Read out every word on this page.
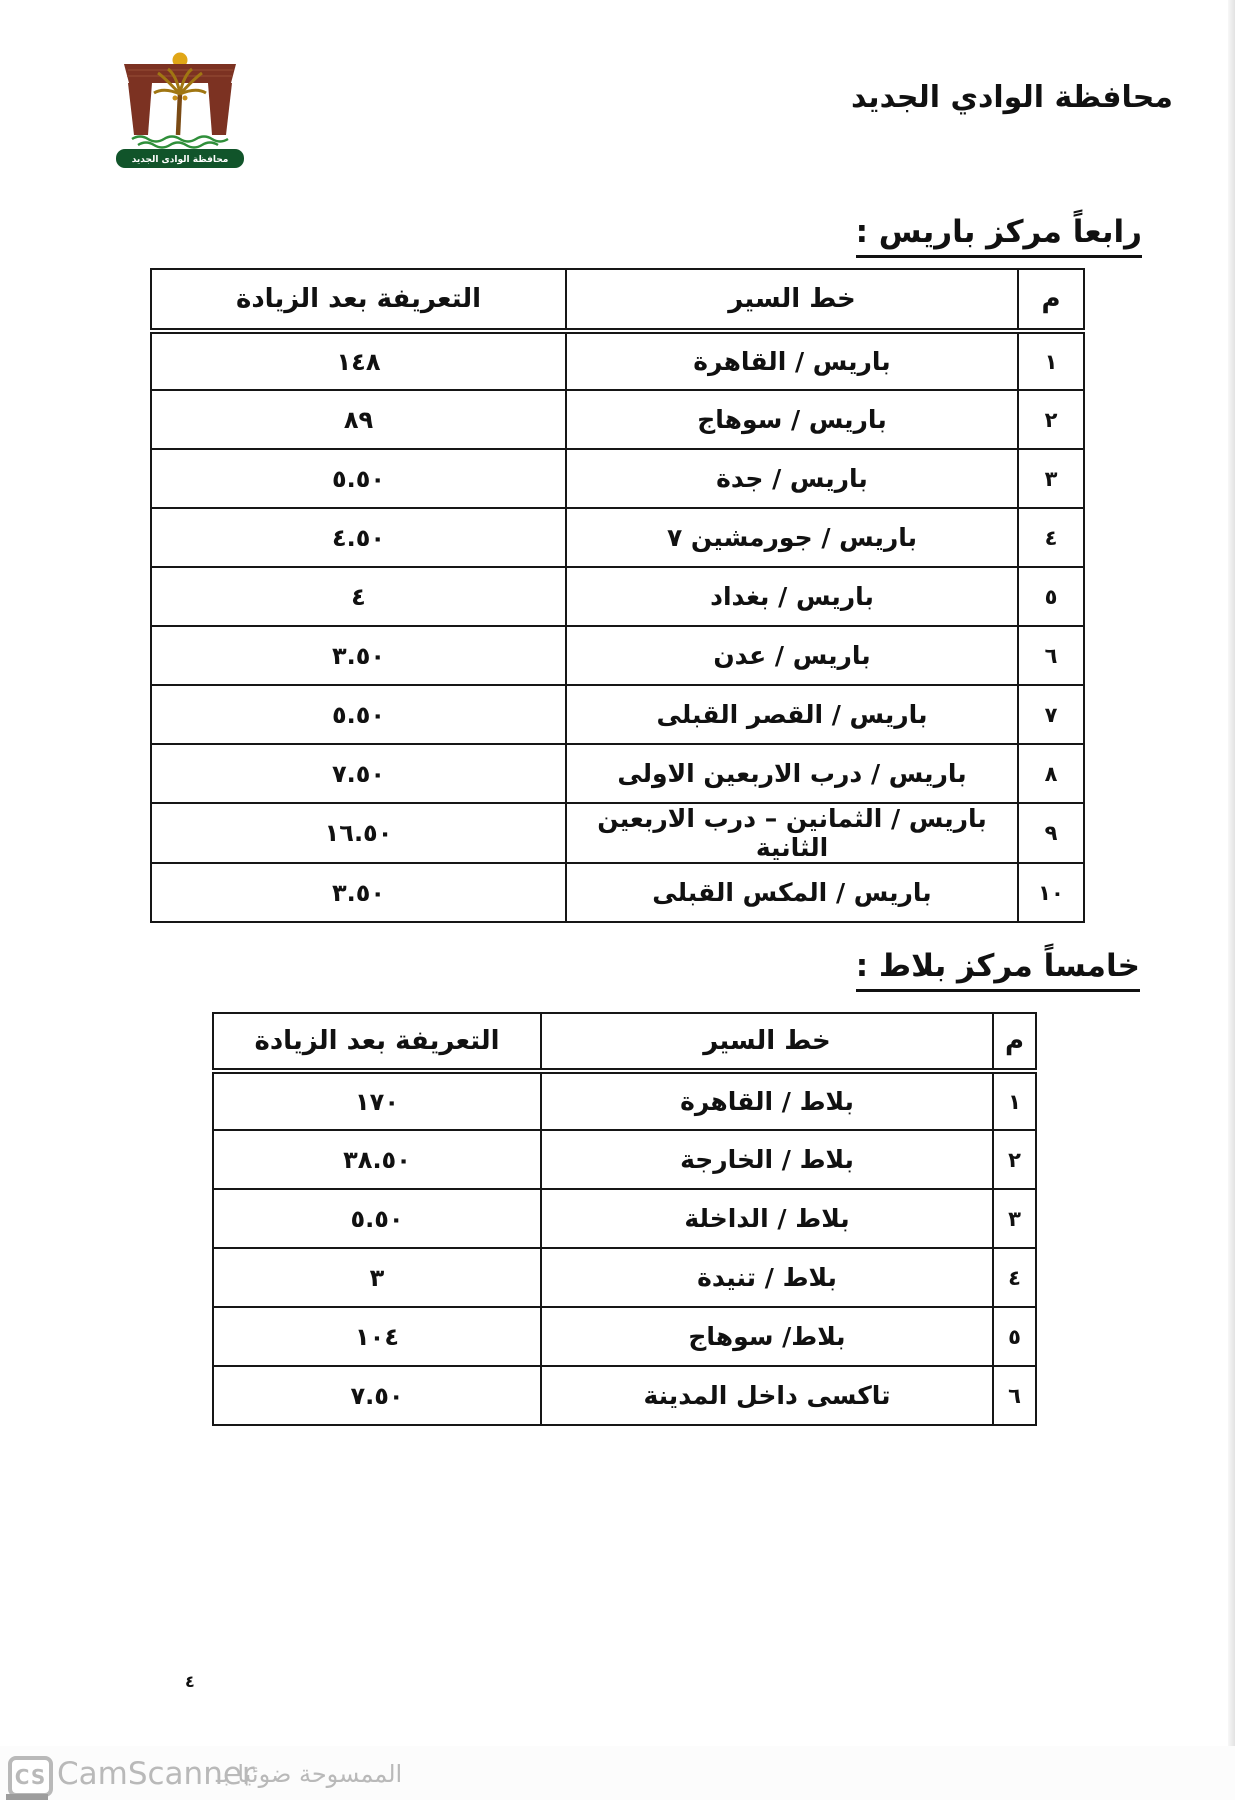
محافظة الوادي الجديد
محافظة الوادى الجديد
رابعاً مركز باريس :
م	خط السير	التعريفة بعد الزيادة
١	باريس / القاهرة	١٤٨
٢	باريس / سوهاج	٨٩
٣	باريس / جدة	٥.٥٠
٤	باريس / جورمشين ٧	٤.٥٠
٥	باريس / بغداد	٤
٦	باريس / عدن	٣.٥٠
٧	باريس / القصر القبلى	٥.٥٠
٨	باريس / درب الاربعين الاولى	٧.٥٠
٩	باريس / الثمانين – درب الاربعين الثانية	١٦.٥٠
١٠	باريس / المكس القبلى	٣.٥٠
خامساً مركز بلاط :
م	خط السير	التعريفة بعد الزيادة
١	بلاط / القاهرة	١٧٠
٢	بلاط / الخارجة	٣٨.٥٠
٣	بلاط / الداخلة	٥.٥٠
٤	بلاط / تنيدة	٣
٥	بلاط/ سوهاج	١٠٤
٦	تاكسى داخل المدينة	٧.٥٠
٤
CS CamScanner
الممسوحة ضوئيا بـ
